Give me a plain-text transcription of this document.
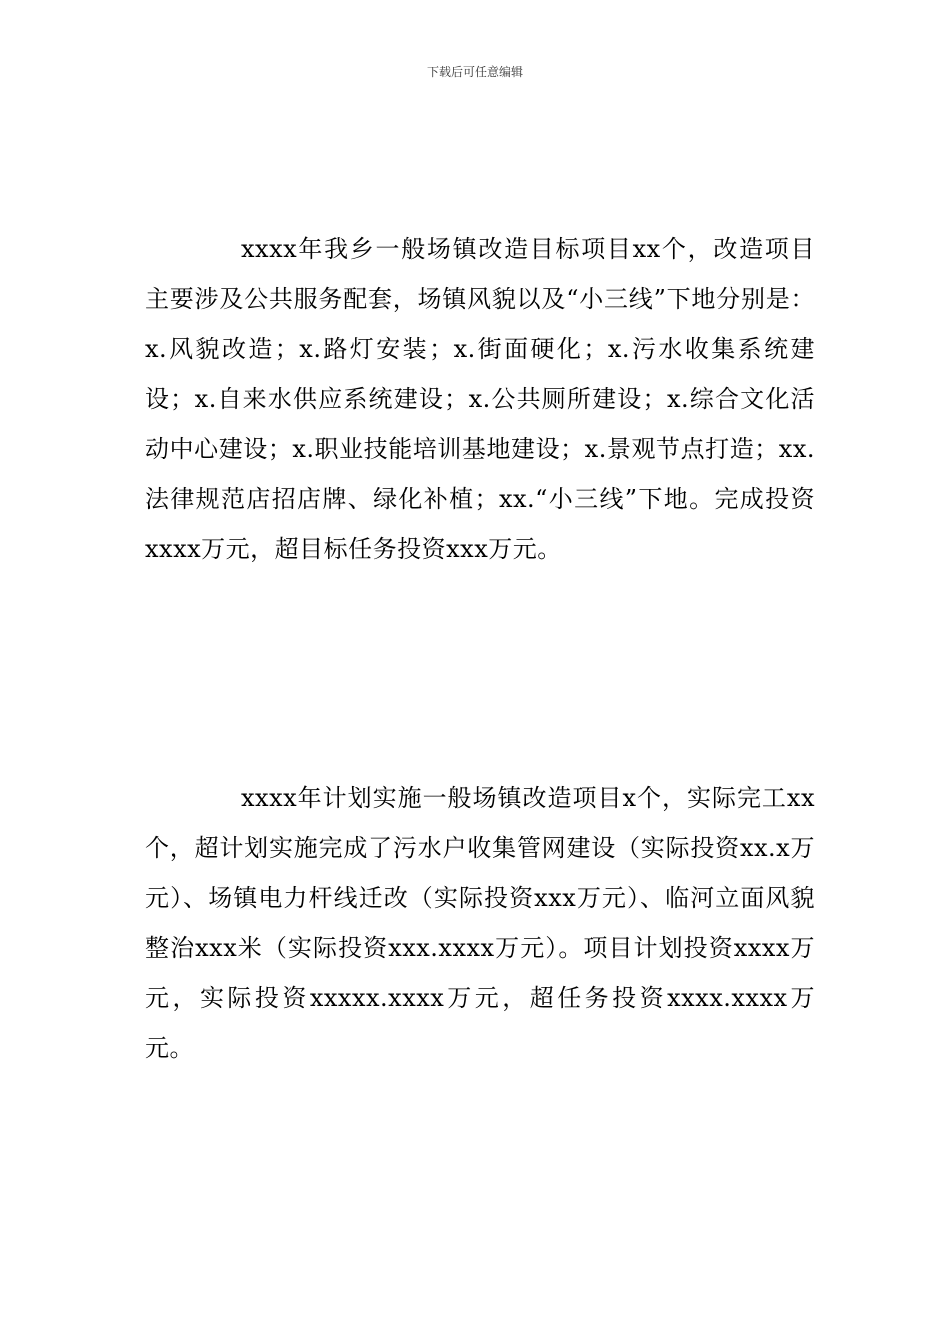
下载后可任意编辑

xxxx年我乡一般场镇改造目标项目xx个，改造项目主要涉及公共服务配套，场镇风貌以及“小三线”下地分别是：x.风貌改造；x.路灯安装；x.街面硬化；x.污水收集系统建设；x.自来水供应系统建设；x.公共厕所建设；x.综合文化活动中心建设；x.职业技能培训基地建设；x.景观节点打造；xx.法律规范店招店牌、绿化补植；xx.“小三线”下地。完成投资 xxxx万元，超目标任务投资xxx万元。

xxxx年计划实施一般场镇改造项目x个，实际完工xx个，超计划实施完成了污水户收集管网建设（实际投资xx.x万元）、场镇电力杆线迁改（实际投资xxx万元）、临河立面风貌整治xxx米（实际投资xxx.xxxx万元）。项目计划投资xxxx万元，实际投资xxxxx.xxxx万元，超任务投资xxxx.xxxx万元。
